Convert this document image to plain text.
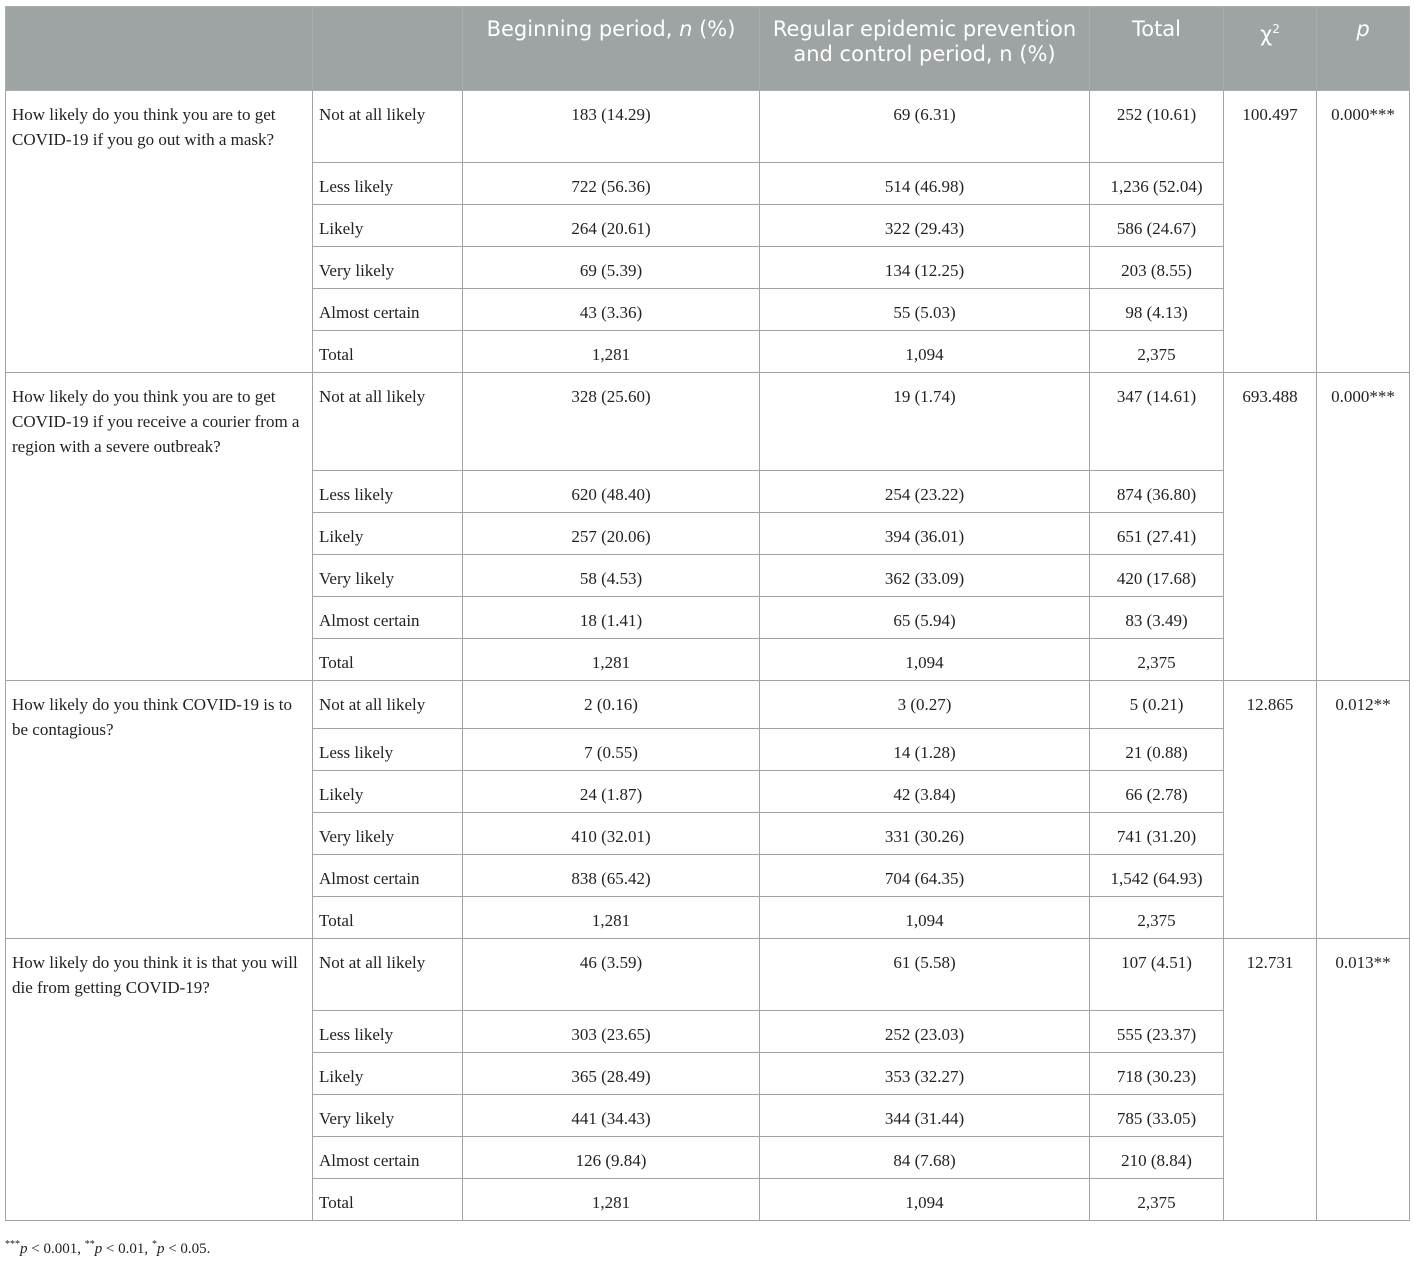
		Beginning period, n (%)	Regular epidemic prevention and control period, n (%)	Total	$\chi^2$	p
How likely do you think you are to get COVID-19 if you go out with a mask?	Not at all likely	183 (14.29)	69 (6.31)	252 (10.61)	100.497	0.000***
	Less likely	722 (56.36)	514 (46.98)	1,236 (52.04)		
	Likely	264 (20.61)	322 (29.43)	586 (24.67)		
	Very likely	69 (5.39)	134 (12.25)	203 (8.55)		
	Almost certain	43 (3.36)	55 (5.03)	98 (4.13)		
	Total	1,281	1,094	2,375		
How likely do you think you are to get COVID-19 if you receive a courier from a region with a severe outbreak?	Not at all likely	328 (25.60)	19 (1.74)	347 (14.61)	693.488	0.000***
	Less likely	620 (48.40)	254 (23.22)	874 (36.80)		
	Likely	257 (20.06)	394 (36.01)	651 (27.41)		
	Very likely	58 (4.53)	362 (33.09)	420 (17.68)		
	Almost certain	18 (1.41)	65 (5.94)	83 (3.49)		
	Total	1,281	1,094	2,375		
How likely do you think COVID-19 is to be contagious?	Not at all likely	2 (0.16)	3 (0.27)	5 (0.21)	12.865	0.012**
	Less likely	7 (0.55)	14 (1.28)	21 (0.88)		
	Likely	24 (1.87)	42 (3.84)	66 (2.78)		
	Very likely	410 (32.01)	331 (30.26)	741 (31.20)		
	Almost certain	838 (65.42)	704 (64.35)	1,542 (64.93)		
	Total	1,281	1,094	2,375		
How likely do you think it is that you will die from getting COVID-19?	Not at all likely	46 (3.59)	61 (5.58)	107 (4.51)	12.731	0.013**
	Less likely	303 (23.65)	252 (23.03)	555 (23.37)		
	Likely	365 (28.49)	353 (32.27)	718 (30.23)		
	Very likely	441 (34.43)	344 (31.44)	785 (33.05)		
	Almost certain	126 (9.84)	84 (7.68)	210 (8.84)		
	Total	1,281	1,094	2,375		
***p < 0.001, **p < 0.01, *p < 0.05.
